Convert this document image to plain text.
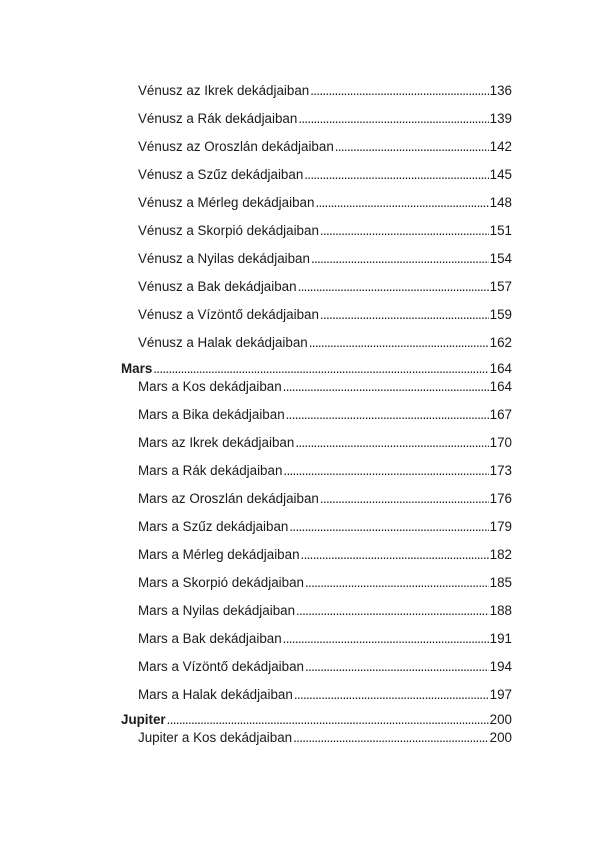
Vénusz az Ikrek dekádjaiban . . .	136
Vénusz a Rák dekádjaiban . . .	139
Vénusz az Oroszlán dekádjaiban . . .	142
Vénusz a Szűz dekádjaiban . . .	145
Vénusz a Mérleg dekádjaiban . . .	148
Vénusz a Skorpió dekádjaiban . . .	151
Vénusz a Nyilas dekádjaiban . . .	154
Vénusz a Bak dekádjaiban . . .	157
Vénusz a Vízöntő dekádjaiban . . .	159
Vénusz a Halak dekádjaiban . . .	162
Mars . . .	164
Mars a Kos dekádjaiban . . .	164
Mars a Bika dekádjaiban . . .	167
Mars az Ikrek dekádjaiban . . .	170
Mars a Rák dekádjaiban . . .	173
Mars az Oroszlán dekádjaiban . . .	176
Mars a Szűz dekádjaiban . . .	179
Mars a Mérleg dekádjaiban . . .	182
Mars a Skorpió dekádjaiban . . .	185
Mars a Nyilas dekádjaiban . . .	188
Mars a Bak dekádjaiban . . .	191
Mars a Vízöntő dekádjaiban . . .	194
Mars a Halak dekádjaiban . . .	197
Jupiter . . .	200
Jupiter a Kos dekádjaiban . . .	200
